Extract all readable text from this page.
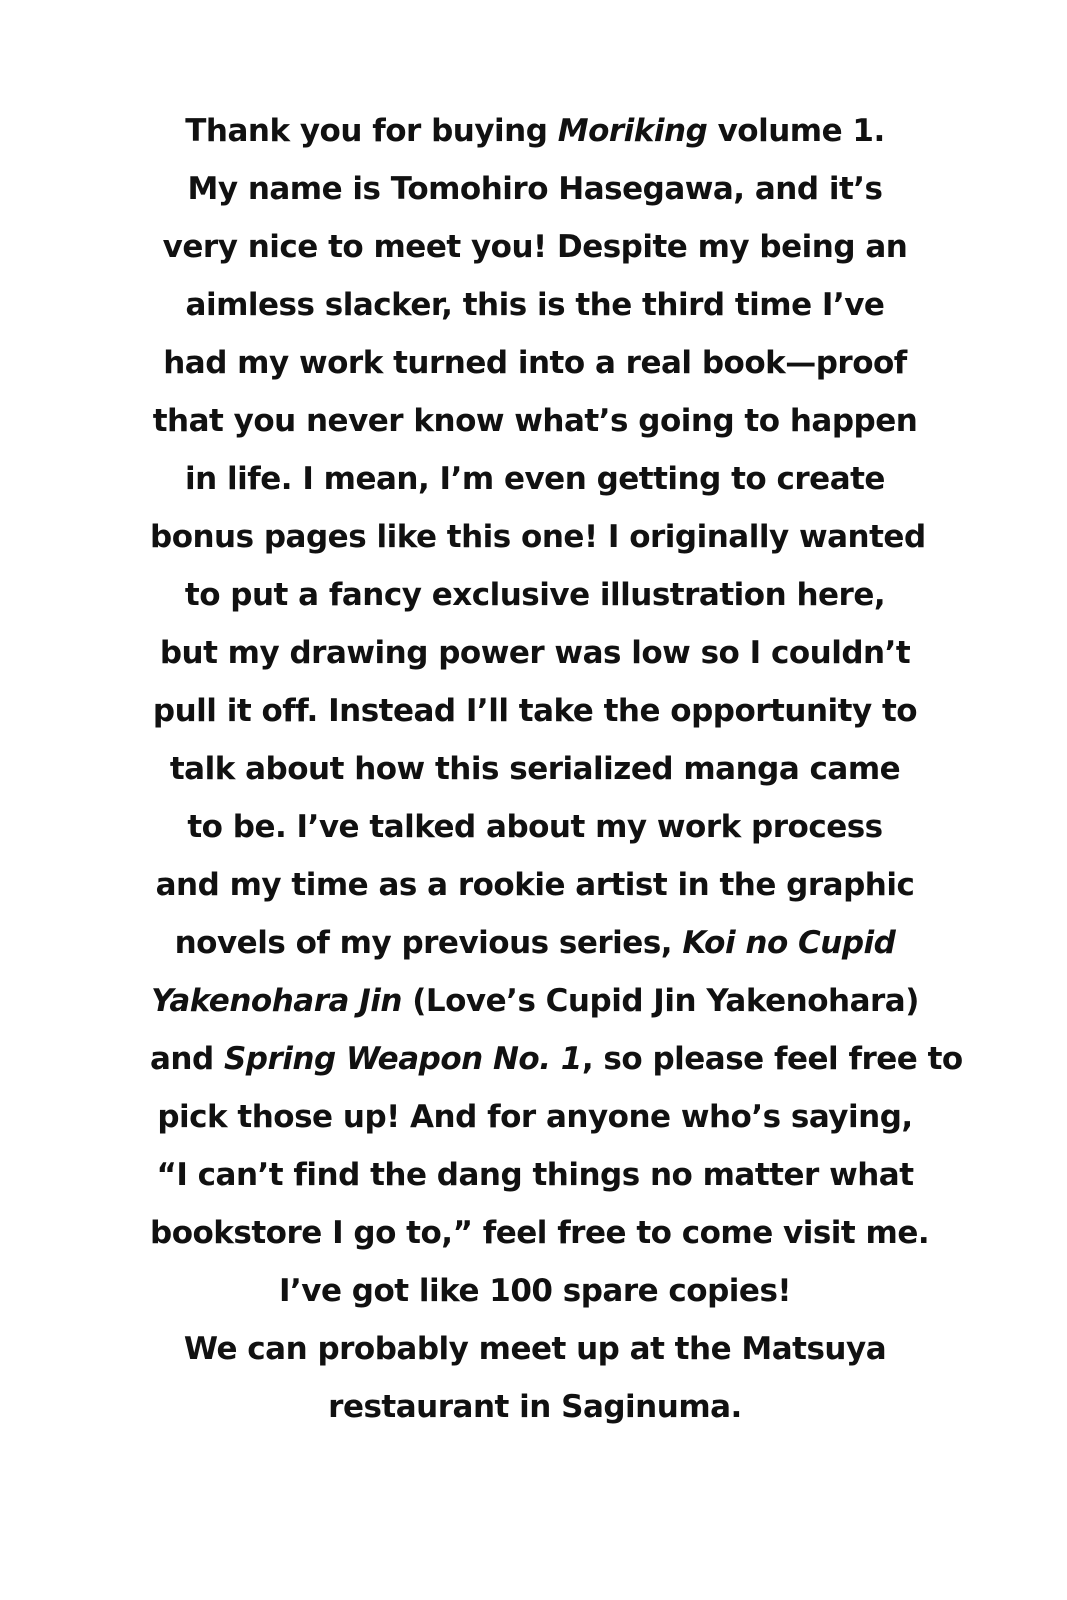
Thank you for buying Moriking volume 1.
My name is Tomohiro Hasegawa, and it’s
very nice to meet you! Despite my being an
aimless slacker, this is the third time I’ve
had my work turned into a real book—proof
that you never know what’s going to happen
in life. I mean, I’m even getting to create
bonus pages like this one! I originally wanted
to put a fancy exclusive illustration here,
but my drawing power was low so I couldn’t
pull it off. Instead I’ll take the opportunity to
talk about how this serialized manga came
to be. I’ve talked about my work process
and my time as a rookie artist in the graphic
novels of my previous series, Koi no Cupid
Yakenohara Jin (Love’s Cupid Jin Yakenohara)
and Spring Weapon No. 1, so please feel free to
pick those up! And for anyone who’s saying,
“I can’t find the dang things no matter what
bookstore I go to,” feel free to come visit me.
I’ve got like 100 spare copies!
We can probably meet up at the Matsuya
restaurant in Saginuma.
